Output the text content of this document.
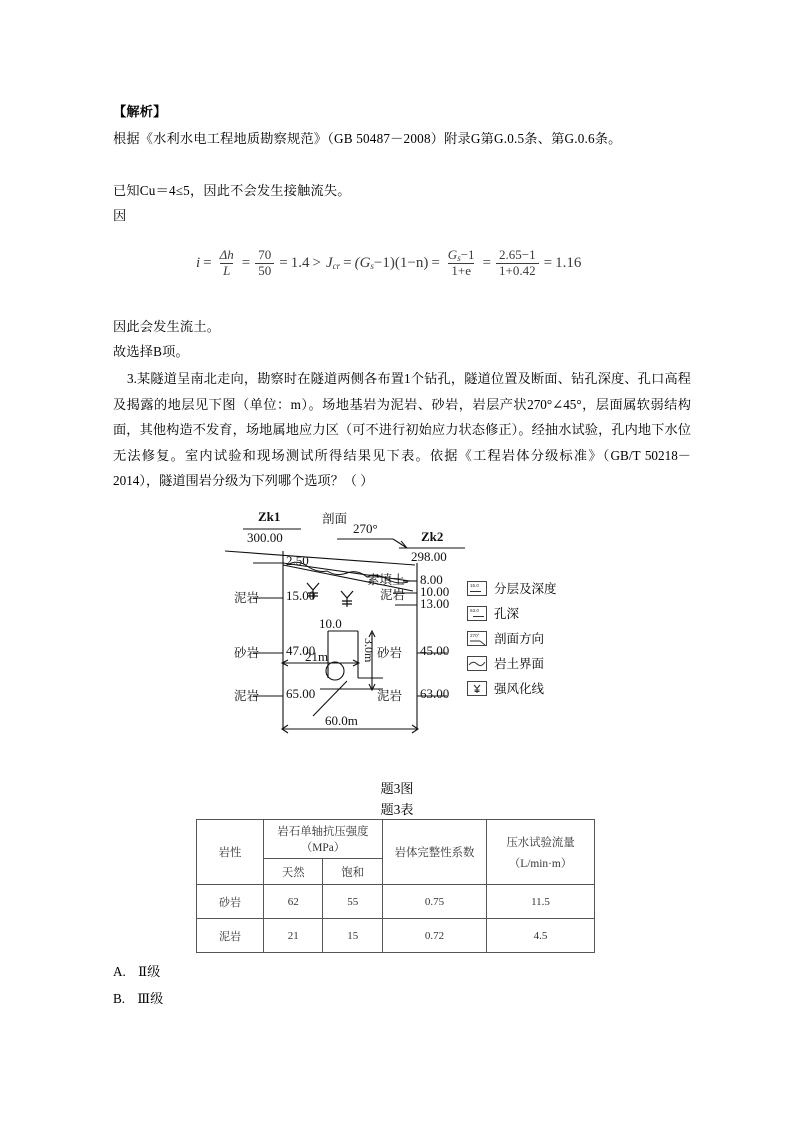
【解析】
根据《水利水电工程地质勘察规范》（GB 50487－2008）附录G第G.0.5条、第G.0.6条。
已知Cu＝4≤5，因此不会发生接触流失。
因
$i = \frac{\Delta h}{L} = \frac{70}{50} = 1.4 > J_{cr} = (G_s-1)(1-n) = \frac{G_s-1}{1+e} = \frac{2.65-1}{1+0.42} = 1.16$
因此会发生流土。
故选择B项。
3.某隧道呈南北走向，勘察时在隧道两侧各布置1个钻孔，隧道位置及断面、钻孔深度、孔口高程及揭露的地层见下图（单位：m）。场地基岩为泥岩、砂岩，岩层产状270°∠45°，层面属软弱结构面，其他构造不发育，场地属地应力区（可不进行初始应力状态修正）。经抽水试验，孔内地下水位无法修复。室内试验和现场测试所得结果见下表。依据《工程岩体分级标准》（GB/T 50218－2014），隧道围岩分级为下列哪个选项？（ ）
Zk1
300.00
剖面
270°
Zk2
298.00
2.50
15.00
47.00
65.00
泥岩
砂岩
泥岩
8.00
10.00
13.00
45.00
63.00
素填土
泥岩
砂岩
泥岩
10.0
3.0m
21m
60.0m
15.0 分层及深度
63.0 孔深
270° 剖面方向
岩土界面
强风化线
题3图
题3表
岩性	岩石单轴抗压强度（MPa）		岩体完整性系数	压水试验流量
（L/min·m）

	天然	饱和		
砂岩	62	55	0.75	11.5
泥岩	21	15	0.72	4.5
A. Ⅱ级
B. Ⅲ级
